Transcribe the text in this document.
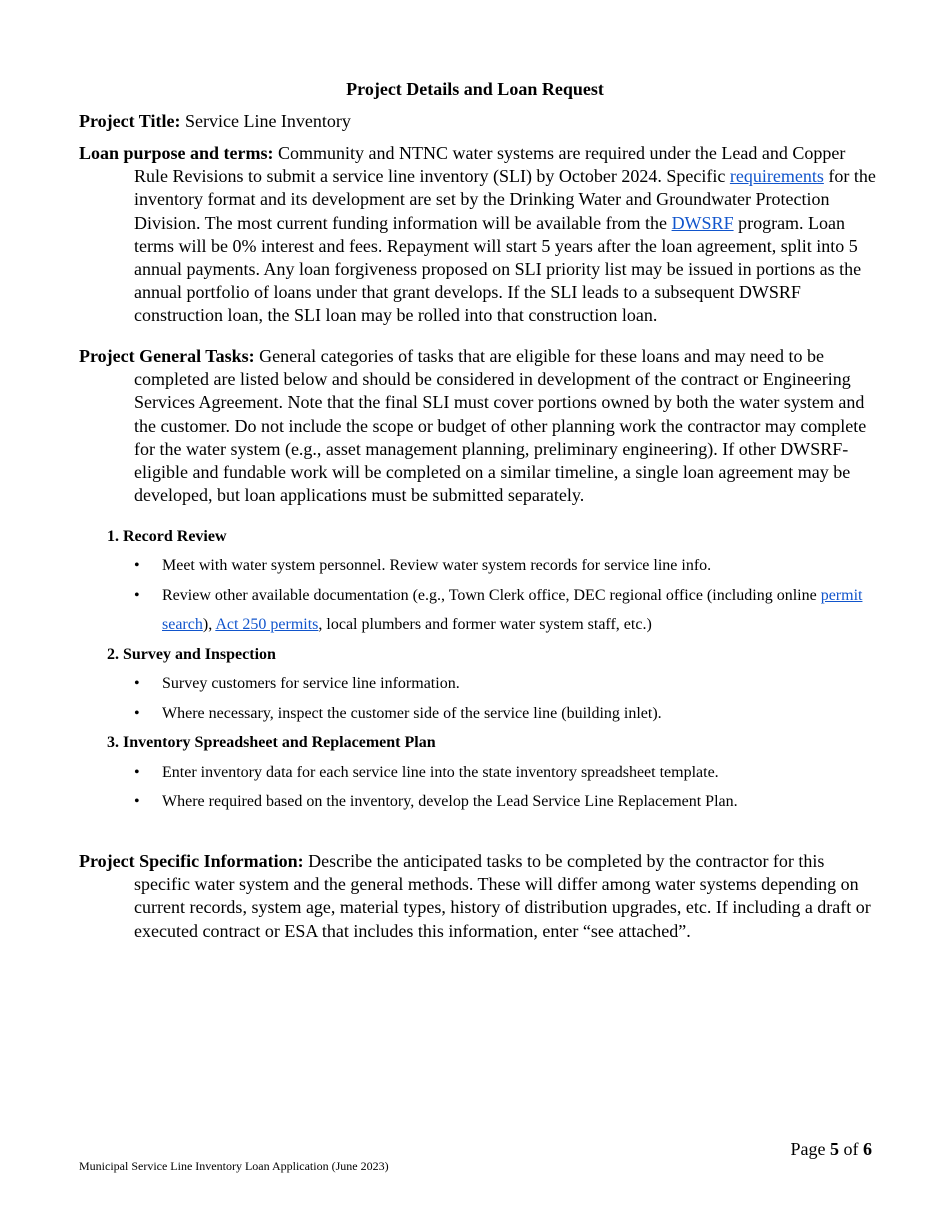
Project Details and Loan Request
Project Title: Service Line Inventory
Loan purpose and terms: Community and NTNC water systems are required under the Lead and Copper Rule Revisions to submit a service line inventory (SLI) by October 2024. Specific requirements for the inventory format and its development are set by the Drinking Water and Groundwater Protection Division. The most current funding information will be available from the DWSRF program. Loan terms will be 0% interest and fees. Repayment will start 5 years after the loan agreement, split into 5 annual payments. Any loan forgiveness proposed on SLI priority list may be issued in portions as the annual portfolio of loans under that grant develops. If the SLI leads to a subsequent DWSRF construction loan, the SLI loan may be rolled into that construction loan.
Project General Tasks: General categories of tasks that are eligible for these loans and may need to be completed are listed below and should be considered in development of the contract or Engineering Services Agreement. Note that the final SLI must cover portions owned by both the water system and the customer. Do not include the scope or budget of other planning work the contractor may complete for the water system (e.g., asset management planning, preliminary engineering). If other DWSRF-eligible and fundable work will be completed on a similar timeline, a single loan agreement may be developed, but loan applications must be submitted separately.
1. Record Review
•	Meet with water system personnel. Review water system records for service line info.
•	Review other available documentation (e.g., Town Clerk office, DEC regional office (including online permit search), Act 250 permits, local plumbers and former water system staff, etc.)
2. Survey and Inspection
•	Survey customers for service line information.
•	Where necessary, inspect the customer side of the service line (building inlet).
3. Inventory Spreadsheet and Replacement Plan
•	Enter inventory data for each service line into the state inventory spreadsheet template.
•	Where required based on the inventory, develop the Lead Service Line Replacement Plan.
Project Specific Information: Describe the anticipated tasks to be completed by the contractor for this specific water system and the general methods. These will differ among water systems depending on current records, system age, material types, history of distribution upgrades, etc. If including a draft or executed contract or ESA that includes this information, enter “see attached”.
Page 5 of 6
Municipal Service Line Inventory Loan Application (June 2023)
